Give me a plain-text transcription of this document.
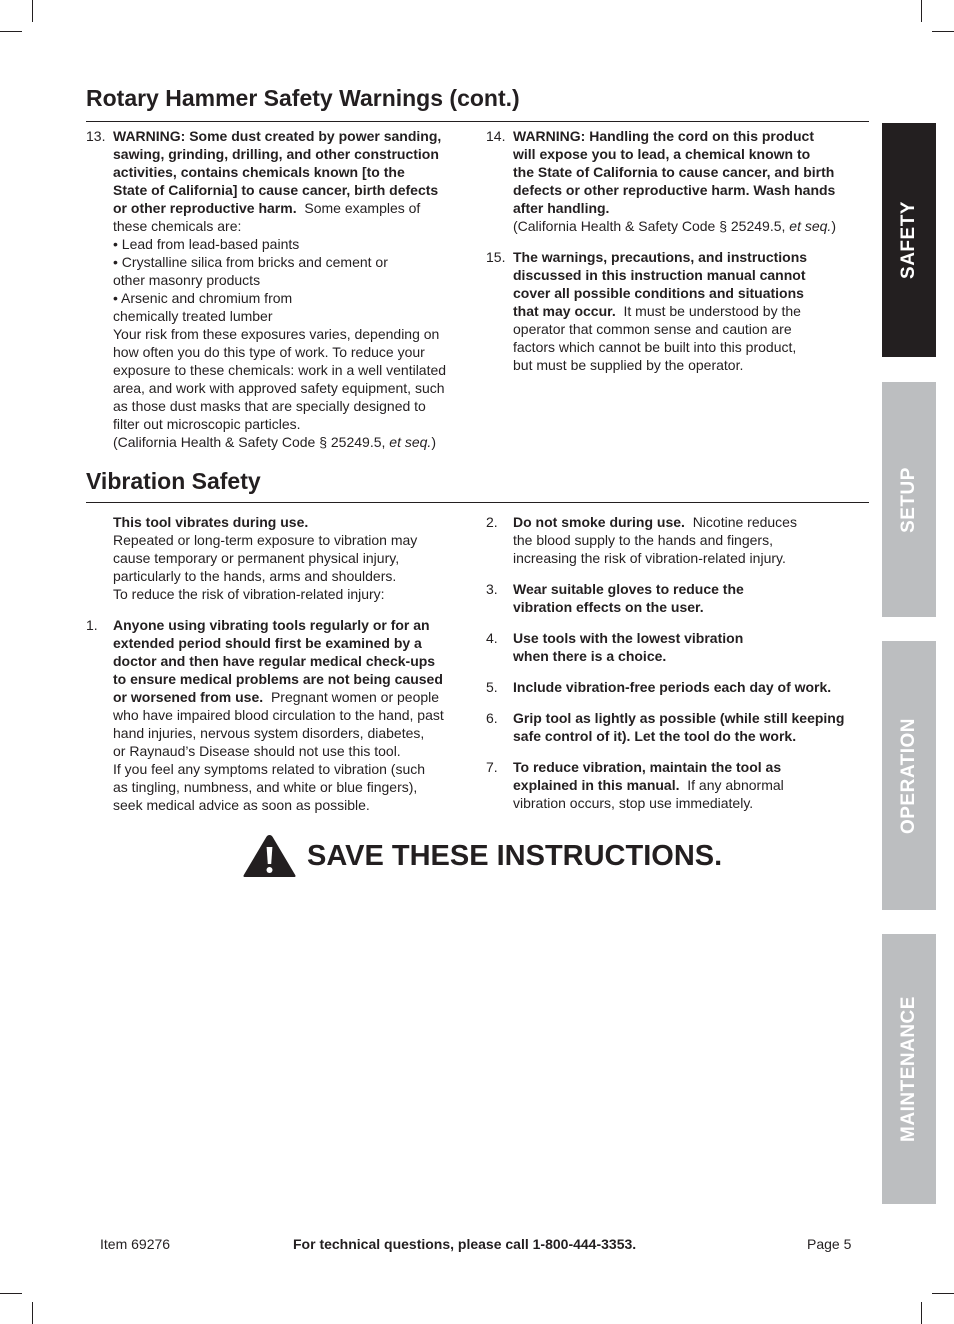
Rotary Hammer Safety Warnings (cont.)
13. WARNING: Some dust created by power sanding,
sawing, grinding, drilling, and other construction
activities, contains chemicals known [to the
State of California] to cause cancer, birth defects
or other reproductive harm. Some examples of
these chemicals are:
• Lead from lead-based paints
• Crystalline silica from bricks and cement or
other masonry products
• Arsenic and chromium from
chemically treated lumber
Your risk from these exposures varies, depending on
how often you do this type of work. To reduce your
exposure to these chemicals: work in a well ventilated
area, and work with approved safety equipment, such
as those dust masks that are specially designed to
filter out microscopic particles.
(California Health & Safety Code § 25249.5, et seq.)
14. WARNING: Handling the cord on this product
will expose you to lead, a chemical known to
the State of California to cause cancer, and birth
defects or other reproductive harm. Wash hands
after handling.
(California Health & Safety Code § 25249.5, et seq.)
15. The warnings, precautions, and instructions
discussed in this instruction manual cannot
cover all possible conditions and situations
that may occur. It must be understood by the
operator that common sense and caution are
factors which cannot be built into this product,
but must be supplied by the operator.
Vibration Safety
This tool vibrates during use.
Repeated or long-term exposure to vibration may
cause temporary or permanent physical injury,
particularly to the hands, arms and shoulders.
To reduce the risk of vibration-related injury:
1. Anyone using vibrating tools regularly or for an
extended period should first be examined by a
doctor and then have regular medical check-ups
to ensure medical problems are not being caused
or worsened from use. Pregnant women or people
who have impaired blood circulation to the hand, past
hand injuries, nervous system disorders, diabetes,
or Raynaud’s Disease should not use this tool.
If you feel any symptoms related to vibration (such
as tingling, numbness, and white or blue fingers),
seek medical advice as soon as possible.
2. Do not smoke during use. Nicotine reduces
the blood supply to the hands and fingers,
increasing the risk of vibration-related injury.
3. Wear suitable gloves to reduce the
vibration effects on the user.
4. Use tools with the lowest vibration
when there is a choice.
5. Include vibration-free periods each day of work.
6. Grip tool as lightly as possible (while still keeping
safe control of it). Let the tool do the work.
7. To reduce vibration, maintain the tool as
explained in this manual. If any abnormal
vibration occurs, stop use immediately.
SAVE THESE INSTRUCTIONS.
SAFETY
SETUP
OPERATION
MAINTENANCE
Item 69276	For technical questions, please call 1-800-444-3353.	Page 5
